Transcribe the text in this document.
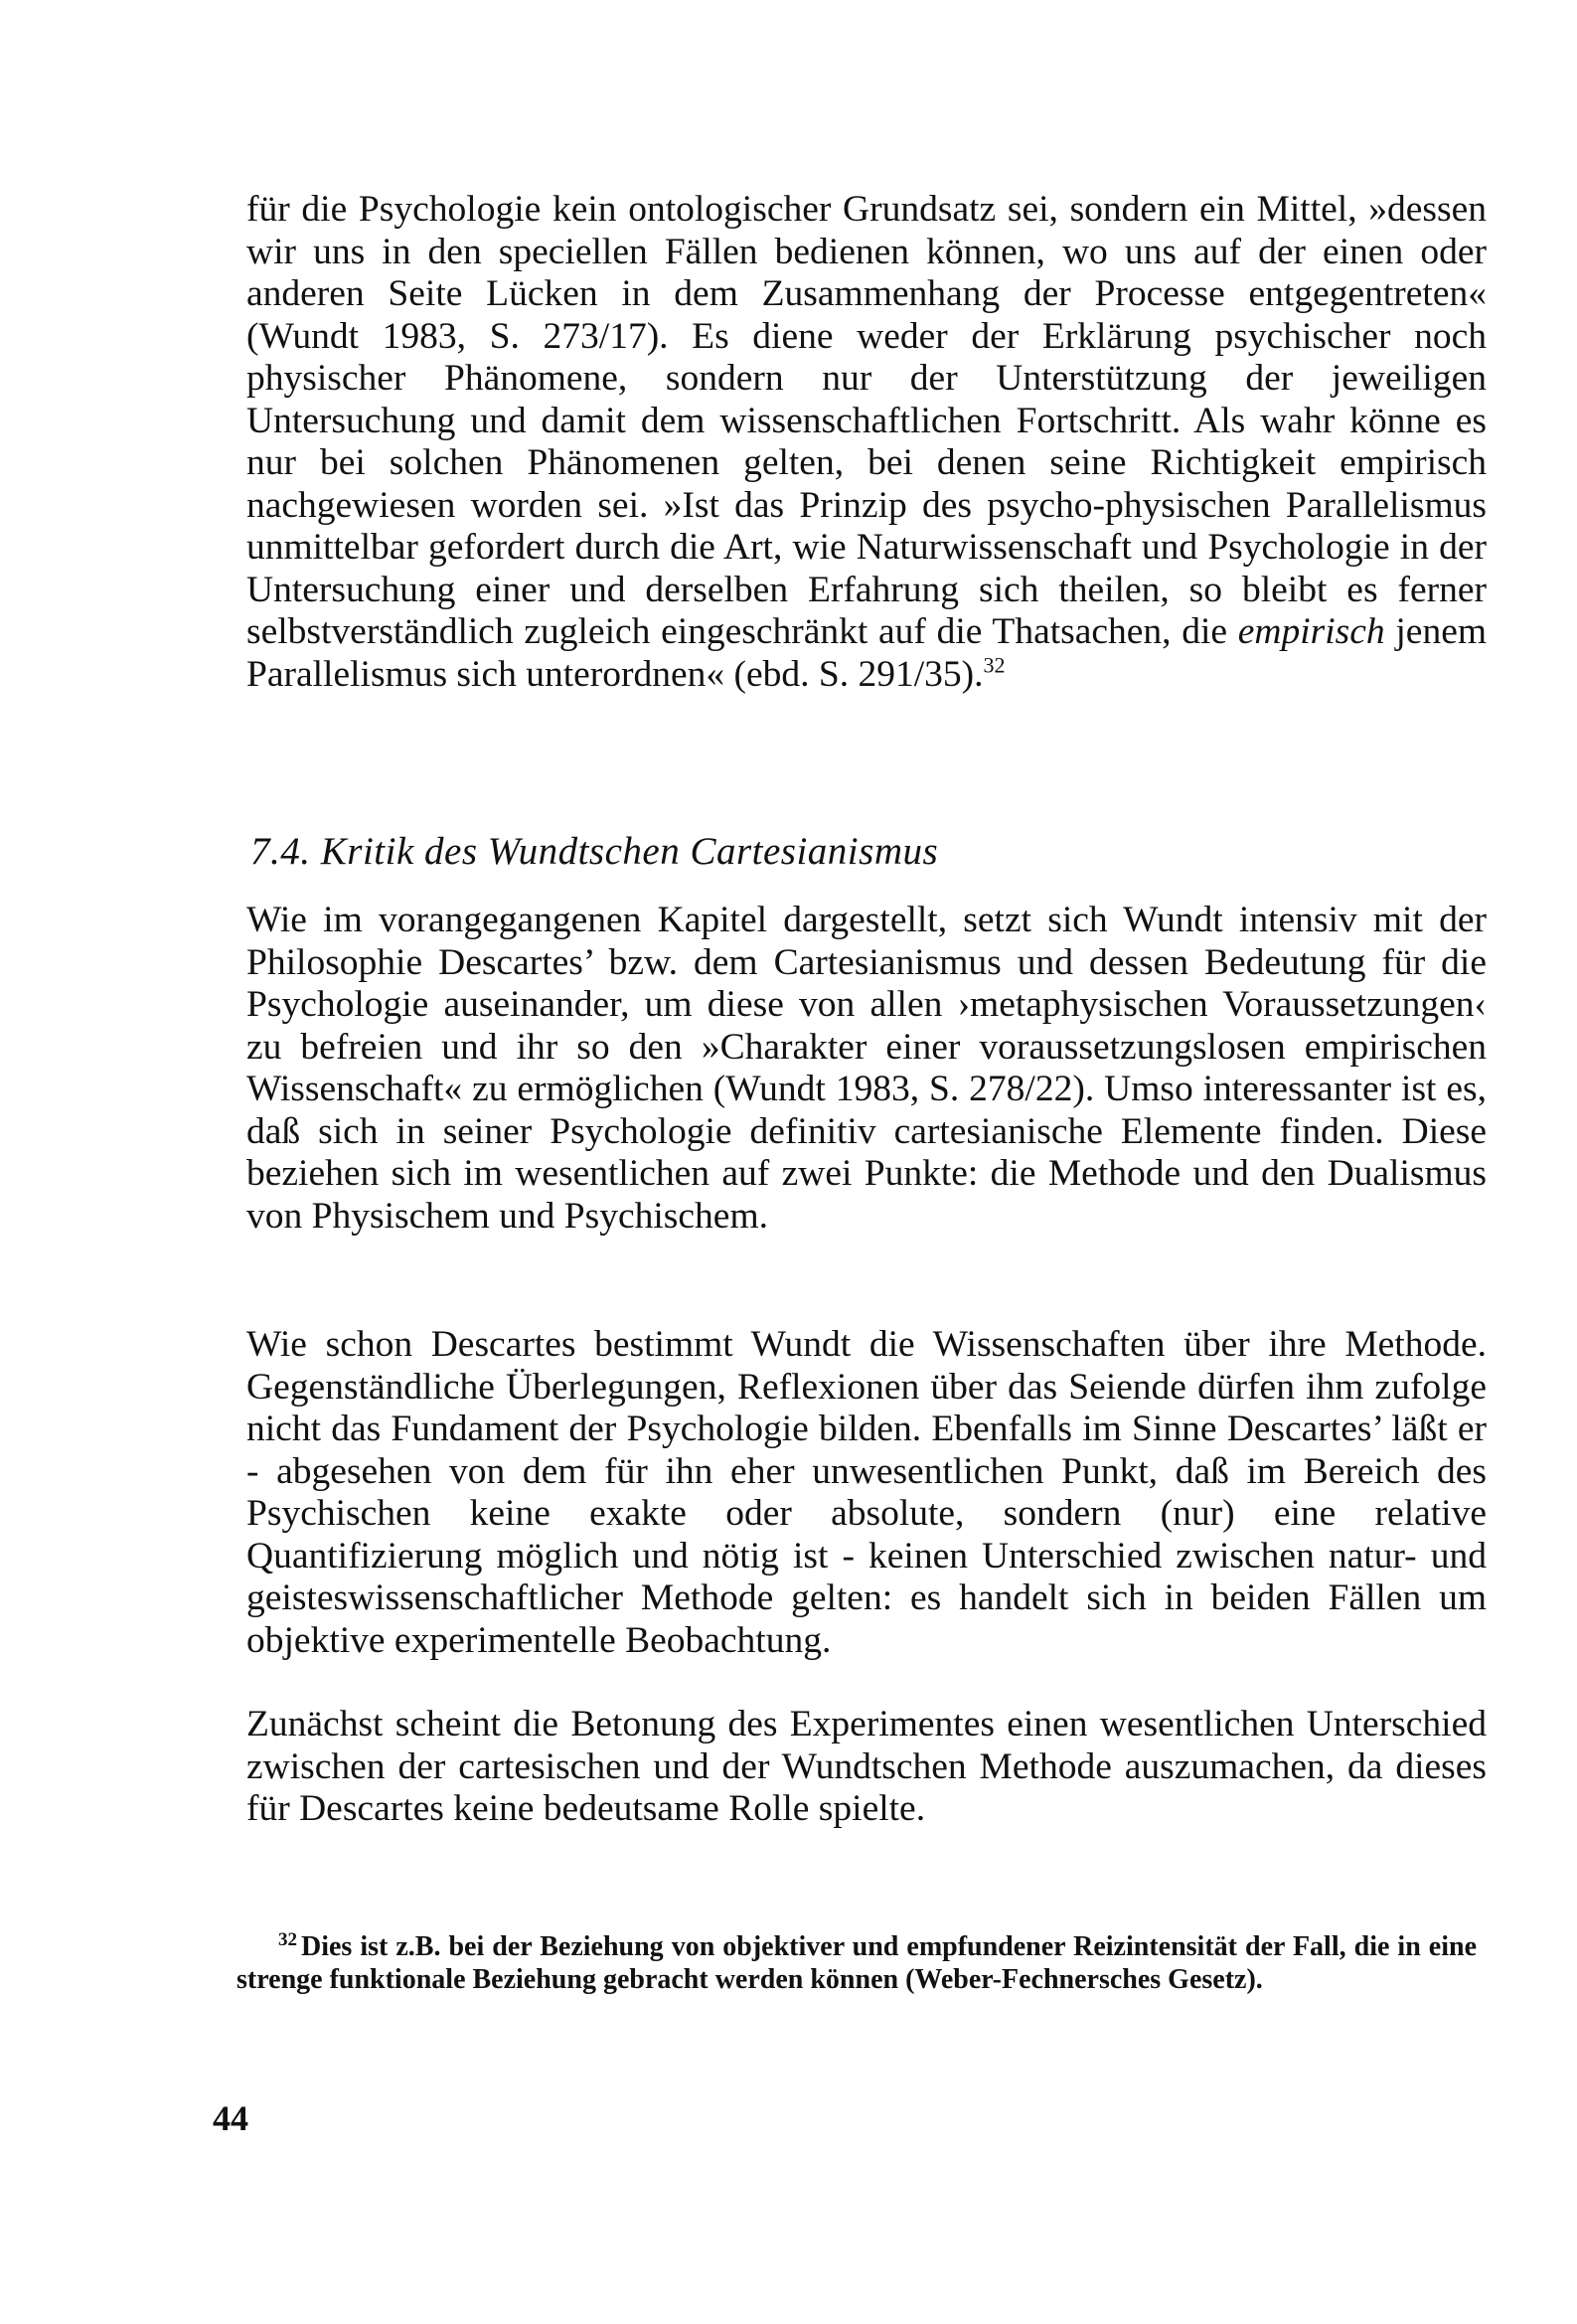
für die Psychologie kein ontologischer Grundsatz sei, sondern ein Mittel, »dessen wir uns in den speciellen Fällen bedienen können, wo uns auf der einen oder anderen Seite Lücken in dem Zusammenhang der Processe entgegentreten« (Wundt 1983, S. 273/17). Es diene weder der Erklärung psychischer noch physischer Phänomene, sondern nur der Unterstützung der jeweiligen Untersuchung und damit dem wissenschaftlichen Fortschritt. Als wahr könne es nur bei solchen Phänomenen gelten, bei denen seine Richtigkeit empirisch nachgewiesen worden sei. »Ist das Prinzip des psycho-physischen Parallelismus unmittelbar gefordert durch die Art, wie Naturwissenschaft und Psychologie in der Untersuchung einer und derselben Erfahrung sich theilen, so bleibt es ferner selbstverständlich zugleich eingeschränkt auf die Thatsachen, die empirisch jenem Parallelismus sich unterordnen« (ebd. S. 291/35).$^{32}$

7.4. Kritik des Wundtschen Cartesianismus

Wie im vorangegangenen Kapitel dargestellt, setzt sich Wundt intensiv mit der Philosophie Descartes’ bzw. dem Cartesianismus und dessen Bedeutung für die Psychologie auseinander, um diese von allen ›metaphysischen Voraussetzungen‹ zu befreien und ihr so den »Charakter einer voraussetzungslosen empirischen Wissenschaft« zu ermöglichen (Wundt 1983, S. 278/22). Umso interessanter ist es, daß sich in seiner Psychologie definitiv cartesianische Elemente finden. Diese beziehen sich im wesentlichen auf zwei Punkte: die Methode und den Dualismus von Physischem und Psychischem.

Wie schon Descartes bestimmt Wundt die Wissenschaften über ihre Methode. Gegenständliche Überlegungen, Reflexionen über das Seiende dürfen ihm zufolge nicht das Fundament der Psychologie bilden. Ebenfalls im Sinne Descartes’ läßt er - abgesehen von dem für ihn eher unwesentlichen Punkt, daß im Bereich des Psychischen keine exakte oder absolute, sondern (nur) eine relative Quantifizierung möglich und nötig ist - keinen Unterschied zwischen natur- und geisteswissenschaftlicher Methode gelten: es handelt sich in beiden Fällen um objektive experimentelle Beobachtung.

Zunächst scheint die Betonung des Experimentes einen wesentlichen Unterschied zwischen der cartesischen und der Wundtschen Methode auszumachen, da dieses für Descartes keine bedeutsame Rolle spielte.

$^{32}$ Dies ist z.B. bei der Beziehung von objektiver und empfundener Reizintensität der Fall, die in eine strenge funktionale Beziehung gebracht werden können (Weber-Fechnersches Gesetz).

44
